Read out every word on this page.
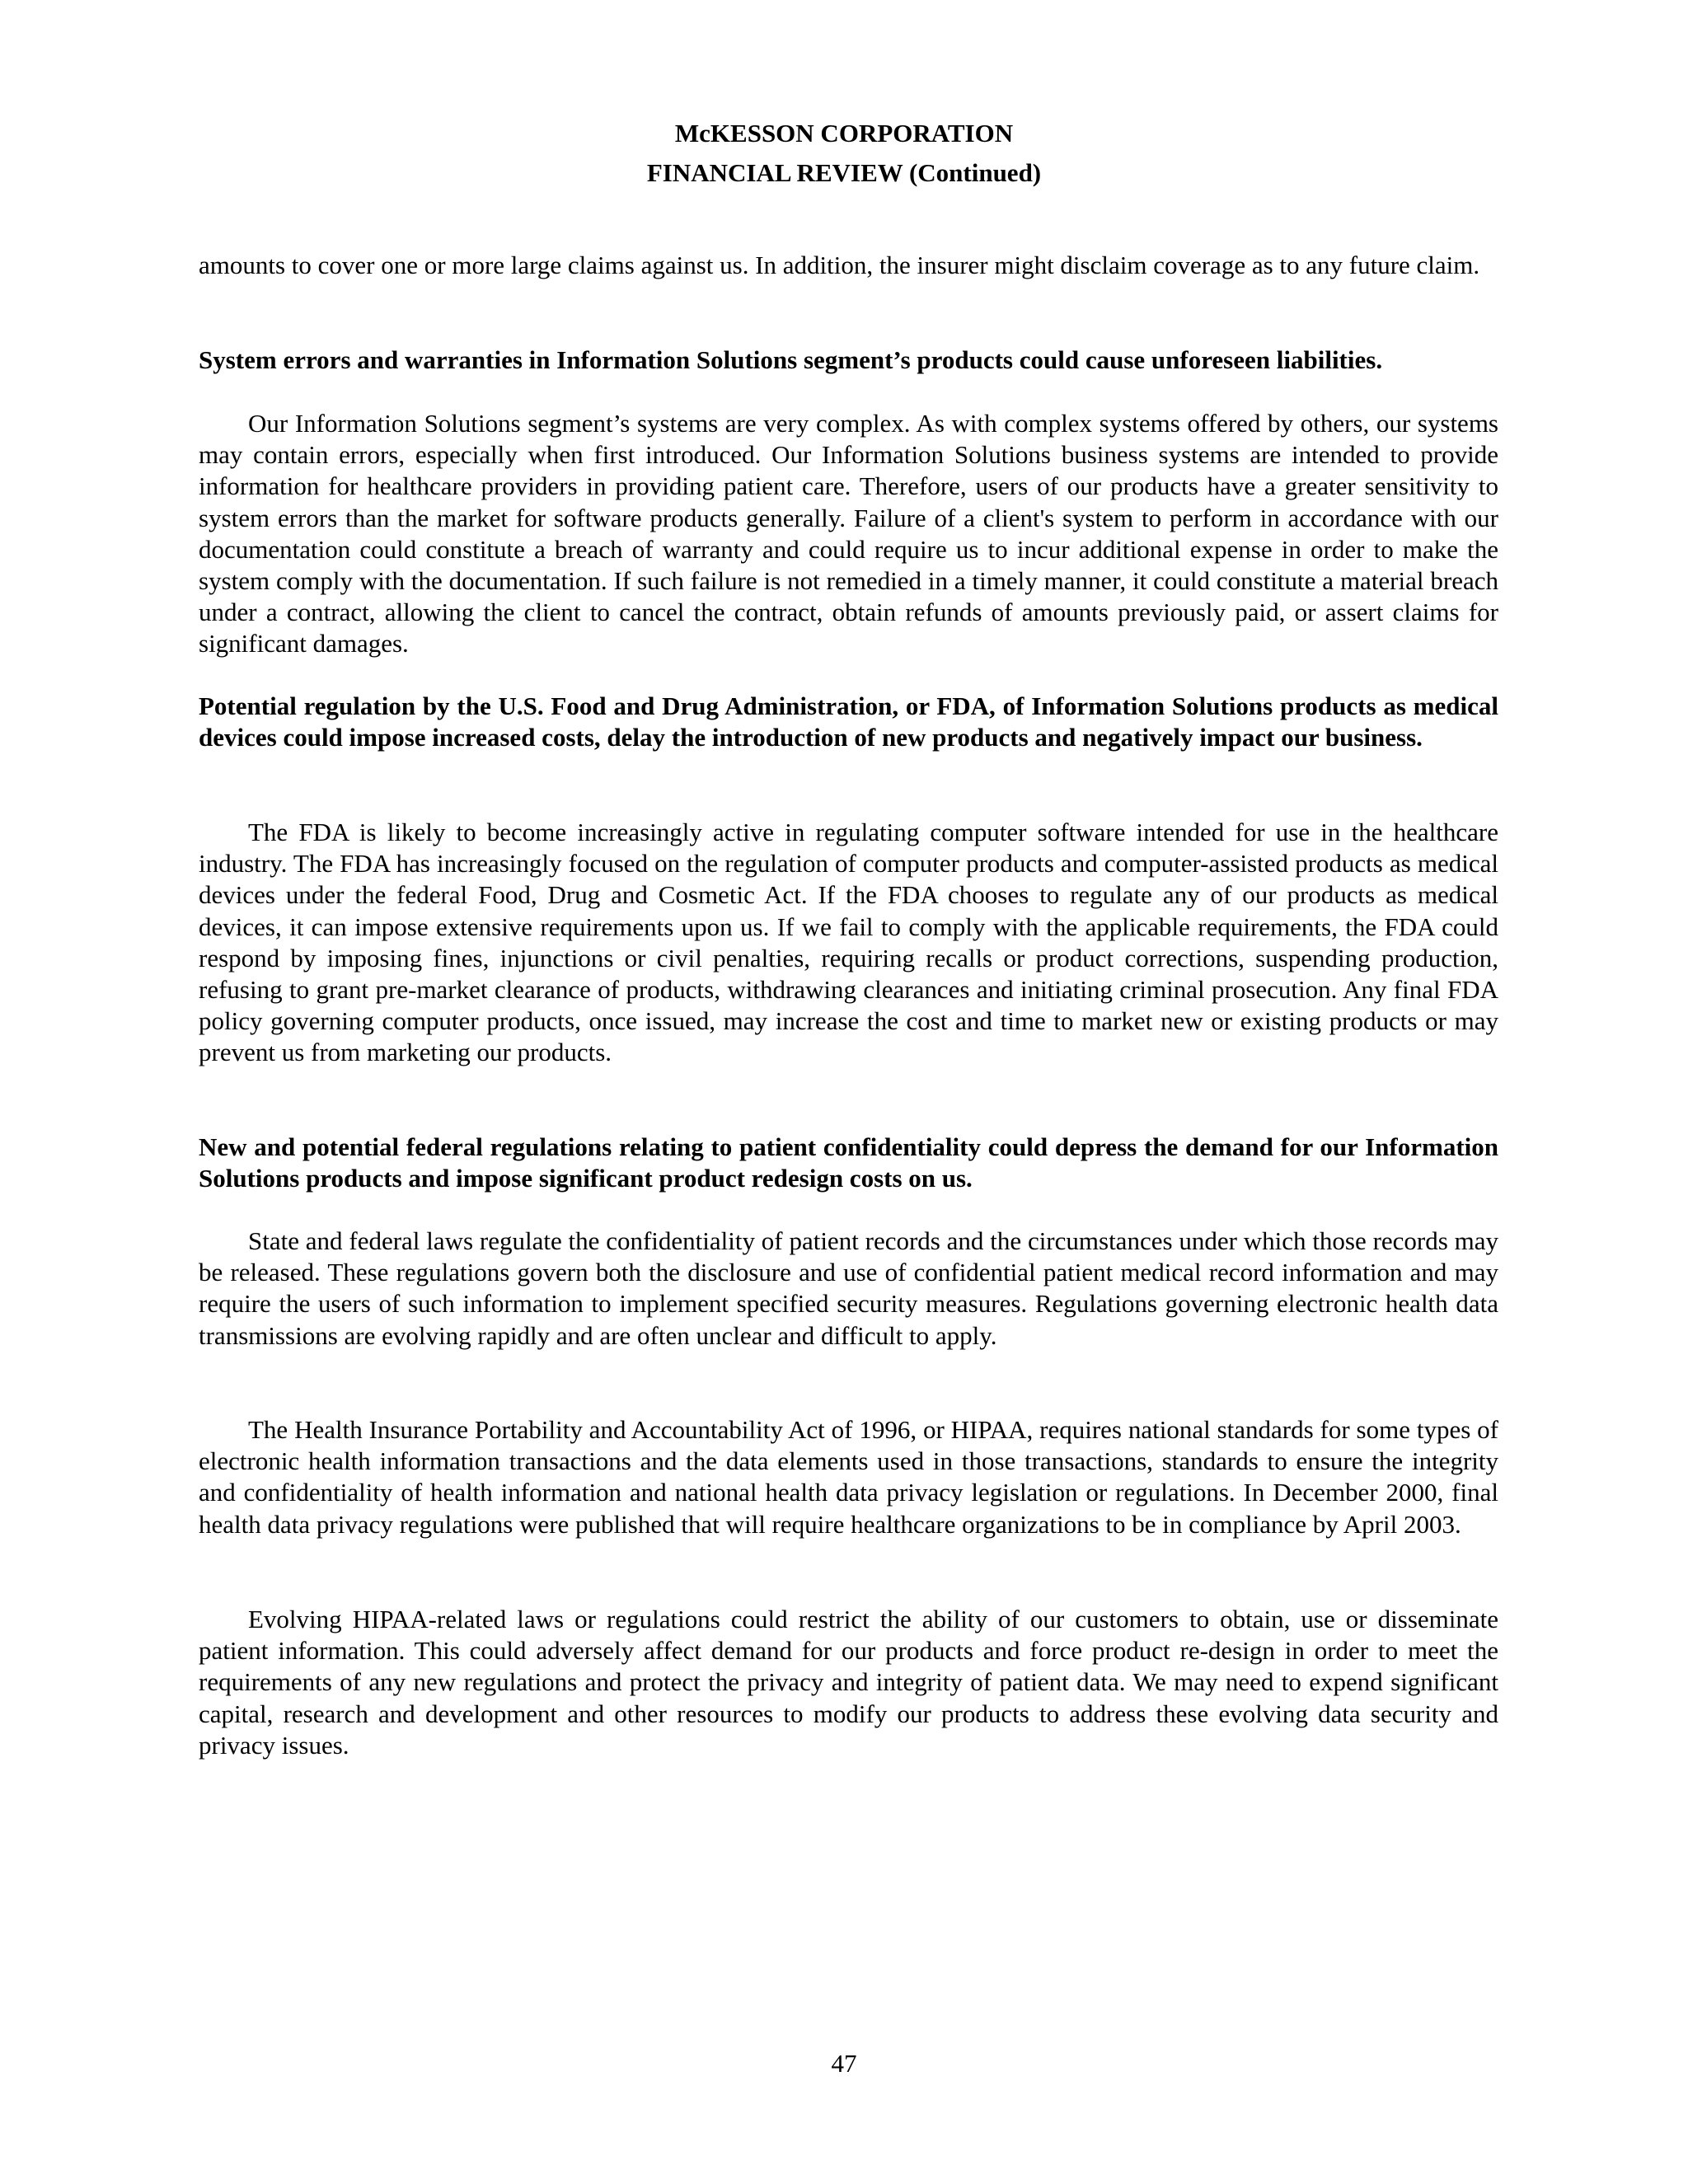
McKESSON CORPORATION
FINANCIAL REVIEW (Continued)

amounts to cover one or more large claims against us. In addition, the insurer might disclaim coverage as to any future claim.

System errors and warranties in Information Solutions segment’s products could cause unforeseen liabilities.

Our Information Solutions segment’s systems are very complex. As with complex systems offered by others, our systems may contain errors, especially when first introduced. Our Information Solutions business systems are intended to provide information for healthcare providers in providing patient care. Therefore, users of our products have a greater sensitivity to system errors than the market for software products generally. Failure of a client's system to perform in accordance with our documentation could constitute a breach of warranty and could require us to incur additional expense in order to make the system comply with the documentation. If such failure is not remedied in a timely manner, it could constitute a material breach under a contract, allowing the client to cancel the contract, obtain refunds of amounts previously paid, or assert claims for significant damages.

Potential regulation by the U.S. Food and Drug Administration, or FDA, of Information Solutions products as medical devices could impose increased costs, delay the introduction of new products and negatively impact our business.

The FDA is likely to become increasingly active in regulating computer software intended for use in the healthcare industry. The FDA has increasingly focused on the regulation of computer products and computer-assisted products as medical devices under the federal Food, Drug and Cosmetic Act. If the FDA chooses to regulate any of our products as medical devices, it can impose extensive requirements upon us. If we fail to comply with the applicable requirements, the FDA could respond by imposing fines, injunctions or civil penalties, requiring recalls or product corrections, suspending production, refusing to grant pre-market clearance of products, withdrawing clearances and initiating criminal prosecution. Any final FDA policy governing computer products, once issued, may increase the cost and time to market new or existing products or may prevent us from marketing our products.

New and potential federal regulations relating to patient confidentiality could depress the demand for our Information Solutions products and impose significant product redesign costs on us.

State and federal laws regulate the confidentiality of patient records and the circumstances under which those records may be released. These regulations govern both the disclosure and use of confidential patient medical record information and may require the users of such information to implement specified security measures. Regulations governing electronic health data transmissions are evolving rapidly and are often unclear and difficult to apply.

The Health Insurance Portability and Accountability Act of 1996, or HIPAA, requires national standards for some types of electronic health information transactions and the data elements used in those transactions, standards to ensure the integrity and confidentiality of health information and national health data privacy legislation or regulations. In December 2000, final health data privacy regulations were published that will require healthcare organizations to be in compliance by April 2003.

Evolving HIPAA-related laws or regulations could restrict the ability of our customers to obtain, use or disseminate patient information. This could adversely affect demand for our products and force product re-design in order to meet the requirements of any new regulations and protect the privacy and integrity of patient data. We may need to expend significant capital, research and development and other resources to modify our products to address these evolving data security and privacy issues.

47
